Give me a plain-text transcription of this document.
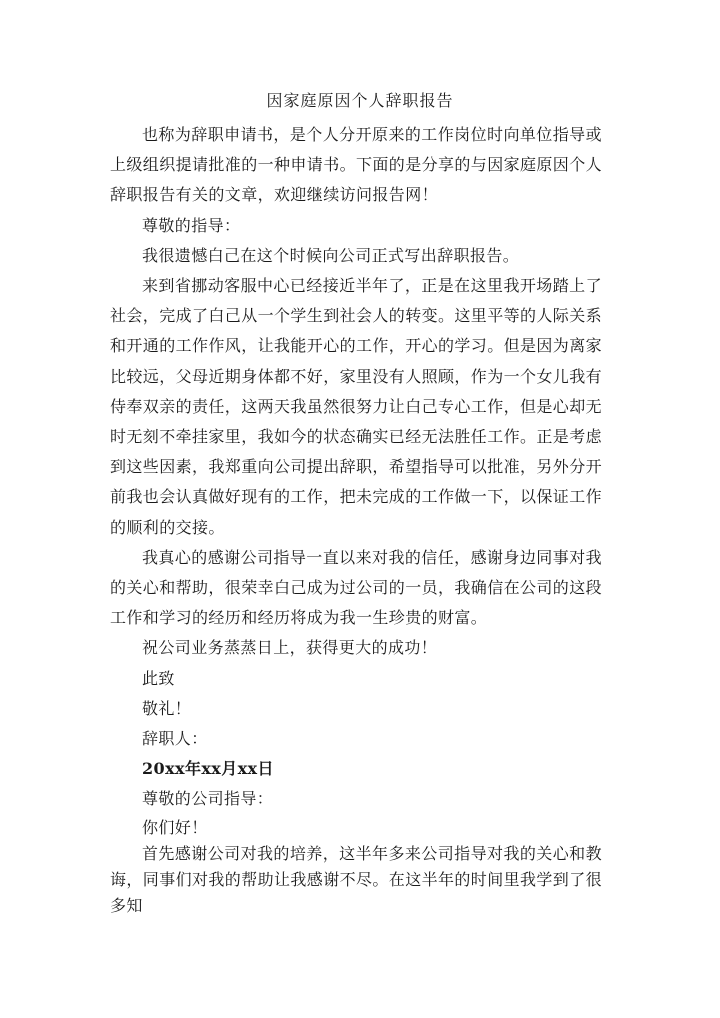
因家庭原因个人辞职报告

也称为辞职申请书，是个人分开原来的工作岗位时向单位指导或上级组织提请批准的一种申请书。下面的是分享的与因家庭原因个人辞职报告有关的文章，欢迎继续访问报告网！

尊敬的指导：

我很遗憾白己在这个时候向公司正式写出辞职报告。

来到省挪动客服中心已经接近半年了，正是在这里我开场踏上了社会，完成了白己从一个学生到社会人的转变。这里平等的人际关系和开通的工作作风，让我能开心的工作，开心的学习。但是因为离家比较远，父母近期身体都不好，家里没有人照顾，作为一个女儿我有侍奉双亲的责任，这两天我虽然很努力让白己专心工作，但是心却无时无刻不牵挂家里，我如今的状态确实已经无法胜任工作。正是考虑到这些因素，我郑重向公司提出辞职，希望指导可以批准，另外分开前我也会认真做好现有的工作，把未完成的工作做一下，以保证工作的顺利的交接。

我真心的感谢公司指导一直以来对我的信任，感谢身边同事对我的关心和帮助，很荣幸白己成为过公司的一员，我确信在公司的这段工作和学习的经历和经历将成为我一生珍贵的财富。

祝公司业务蒸蒸日上，获得更大的成功！

此致

敬礼！

辞职人：

20xx年xx月xx日

尊敬的公司指导：

你们好！

首先感谢公司对我的培养，这半年多来公司指导对我的关心和教诲，同事们对我的帮助让我感谢不尽。在这半年的时间里我学到了很多知
